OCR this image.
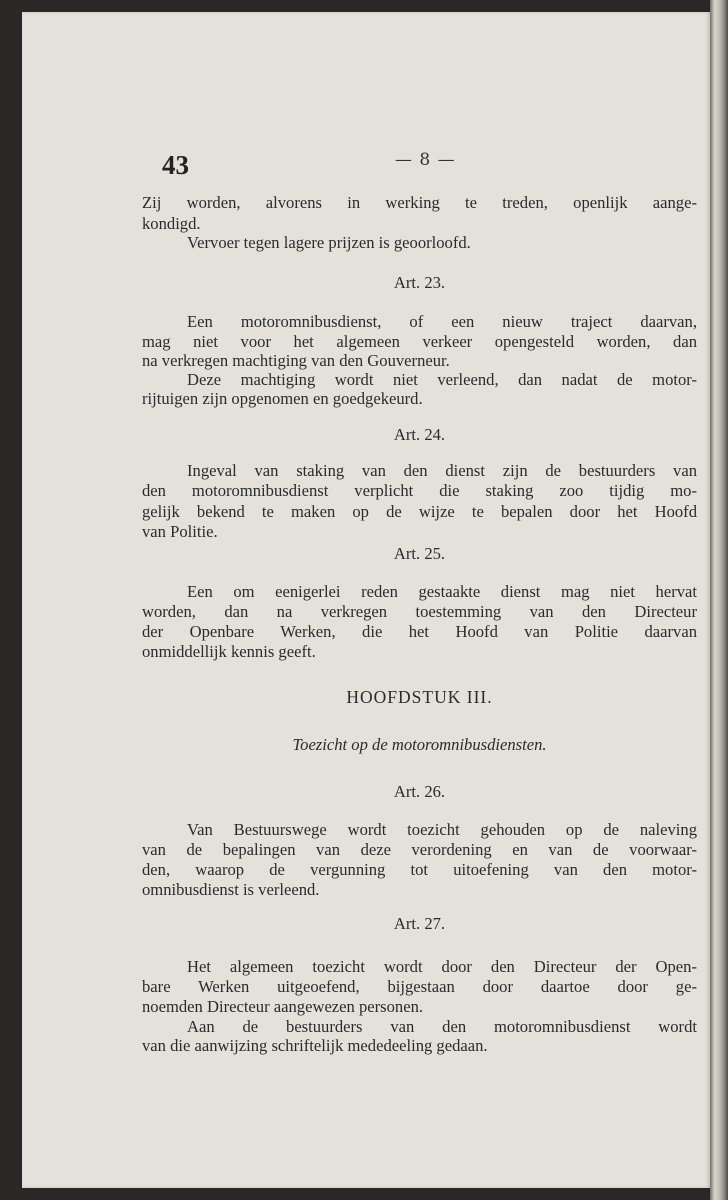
43	— 8 —
Zij worden, alvorens in werking te treden, openlijk aange-
kondigd.
Vervoer tegen lagere prijzen is geoorloofd.
Art. 23.
Een motoromnibusdienst, of een nieuw traject daarvan,
mag niet voor het algemeen verkeer opengesteld worden, dan
na verkregen machtiging van den Gouverneur.
Deze machtiging wordt niet verleend, dan nadat de motor-
rijtuigen zijn opgenomen en goedgekeurd.
Art. 24.
Ingeval van staking van den dienst zijn de bestuurders van
den motoromnibusdienst verplicht die staking zoo tijdig mo-
gelijk bekend te maken op de wijze te bepalen door het Hoofd
van Politie.
Art. 25.
Een om eenigerlei reden gestaakte dienst mag niet hervat
worden, dan na verkregen toestemming van den Directeur
der Openbare Werken, die het Hoofd van Politie daarvan
onmiddellijk kennis geeft.
HOOFDSTUK III.
Toezicht op de motoromnibusdiensten.
Art. 26.
Van Bestuurswege wordt toezicht gehouden op de naleving
van de bepalingen van deze verordening en van de voorwaar-
den, waarop de vergunning tot uitoefening van den motor-
omnibusdienst is verleend.
Art. 27.
Het algemeen toezicht wordt door den Directeur der Open-
bare Werken uitgeoefend, bijgestaan door daartoe door ge-
noemden Directeur aangewezen personen.
Aan de bestuurders van den motoromnibusdienst wordt
van die aanwijzing schriftelijk mededeeling gedaan.
